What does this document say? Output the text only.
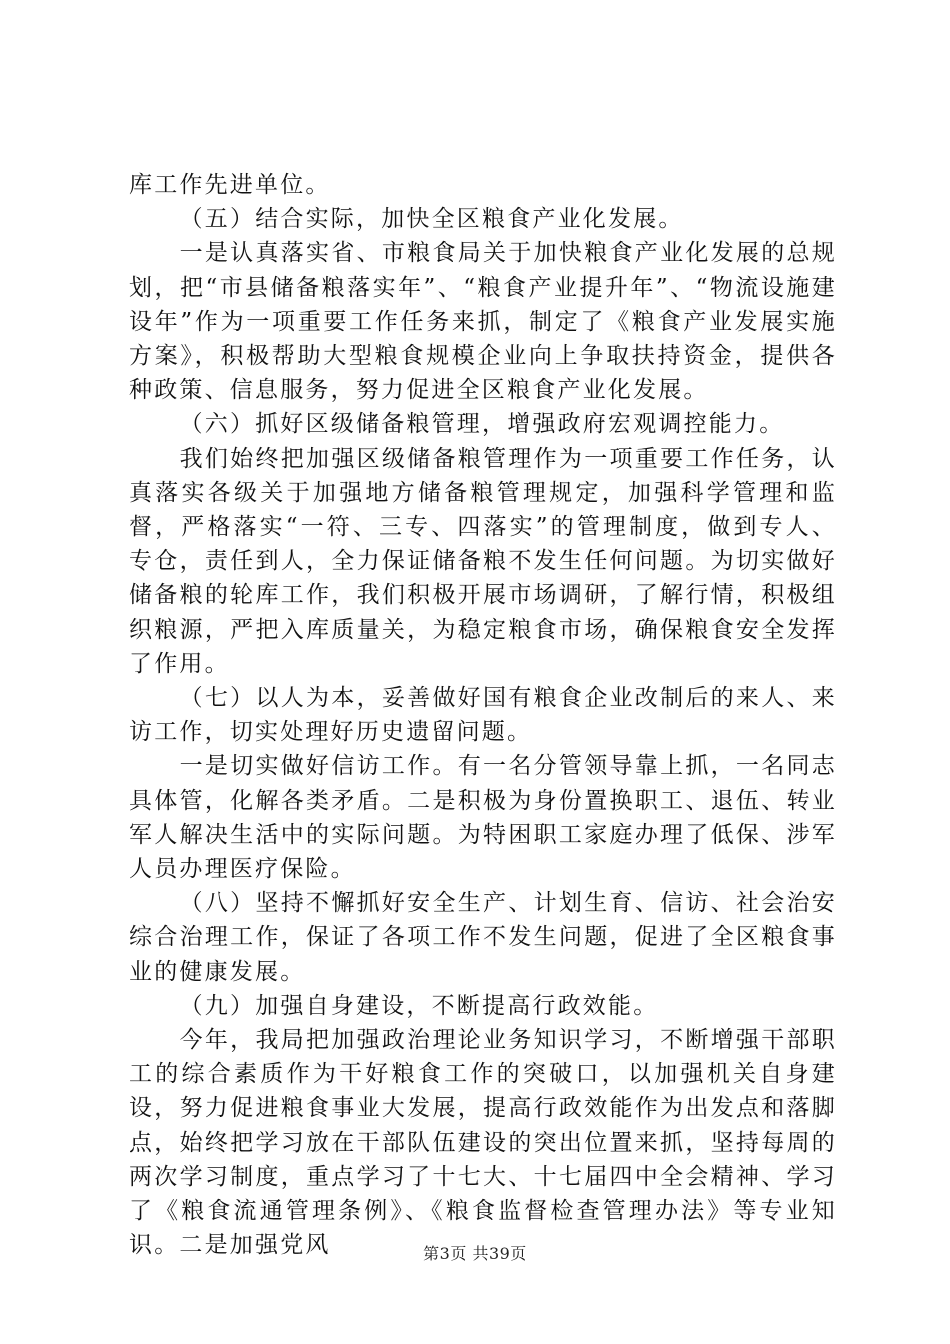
库工作先进单位。

（五）结合实际，加快全区粮食产业化发展。

一是认真落实省、市粮食局关于加快粮食产业化发展的总规划，把“市县储备粮落实年”、“粮食产业提升年”、“物流设施建设年”作为一项重要工作任务来抓，制定了《粮食产业发展实施方案》，积极帮助大型粮食规模企业向上争取扶持资金，提供各种政策、信息服务，努力促进全区粮食产业化发展。

（六）抓好区级储备粮管理，增强政府宏观调控能力。

我们始终把加强区级储备粮管理作为一项重要工作任务，认真落实各级关于加强地方储备粮管理规定，加强科学管理和监督，严格落实“一符、三专、四落实”的管理制度，做到专人、专仓，责任到人，全力保证储备粮不发生任何问题。为切实做好储备粮的轮库工作，我们积极开展市场调研，了解行情，积极组织粮源，严把入库质量关，为稳定粮食市场，确保粮食安全发挥了作用。

（七）以人为本，妥善做好国有粮食企业改制后的来人、来访工作，切实处理好历史遗留问题。

一是切实做好信访工作。有一名分管领导靠上抓，一名同志具体管，化解各类矛盾。二是积极为身份置换职工、退伍、转业军人解决生活中的实际问题。为特困职工家庭办理了低保、涉军人员办理医疗保险。

（八）坚持不懈抓好安全生产、计划生育、信访、社会治安综合治理工作，保证了各项工作不发生问题，促进了全区粮食事业的健康发展。

（九）加强自身建设，不断提高行政效能。

今年，我局把加强政治理论业务知识学习，不断增强干部职工的综合素质作为干好粮食工作的突破口，以加强机关自身建设，努力促进粮食事业大发展，提高行政效能作为出发点和落脚点，始终把学习放在干部队伍建设的突出位置来抓，坚持每周的两次学习制度，重点学习了十七大、十七届四中全会精神、学习了《粮食流通管理条例》、《粮食监督检查管理办法》等专业知识。二是加强党风	第3页 共39页
